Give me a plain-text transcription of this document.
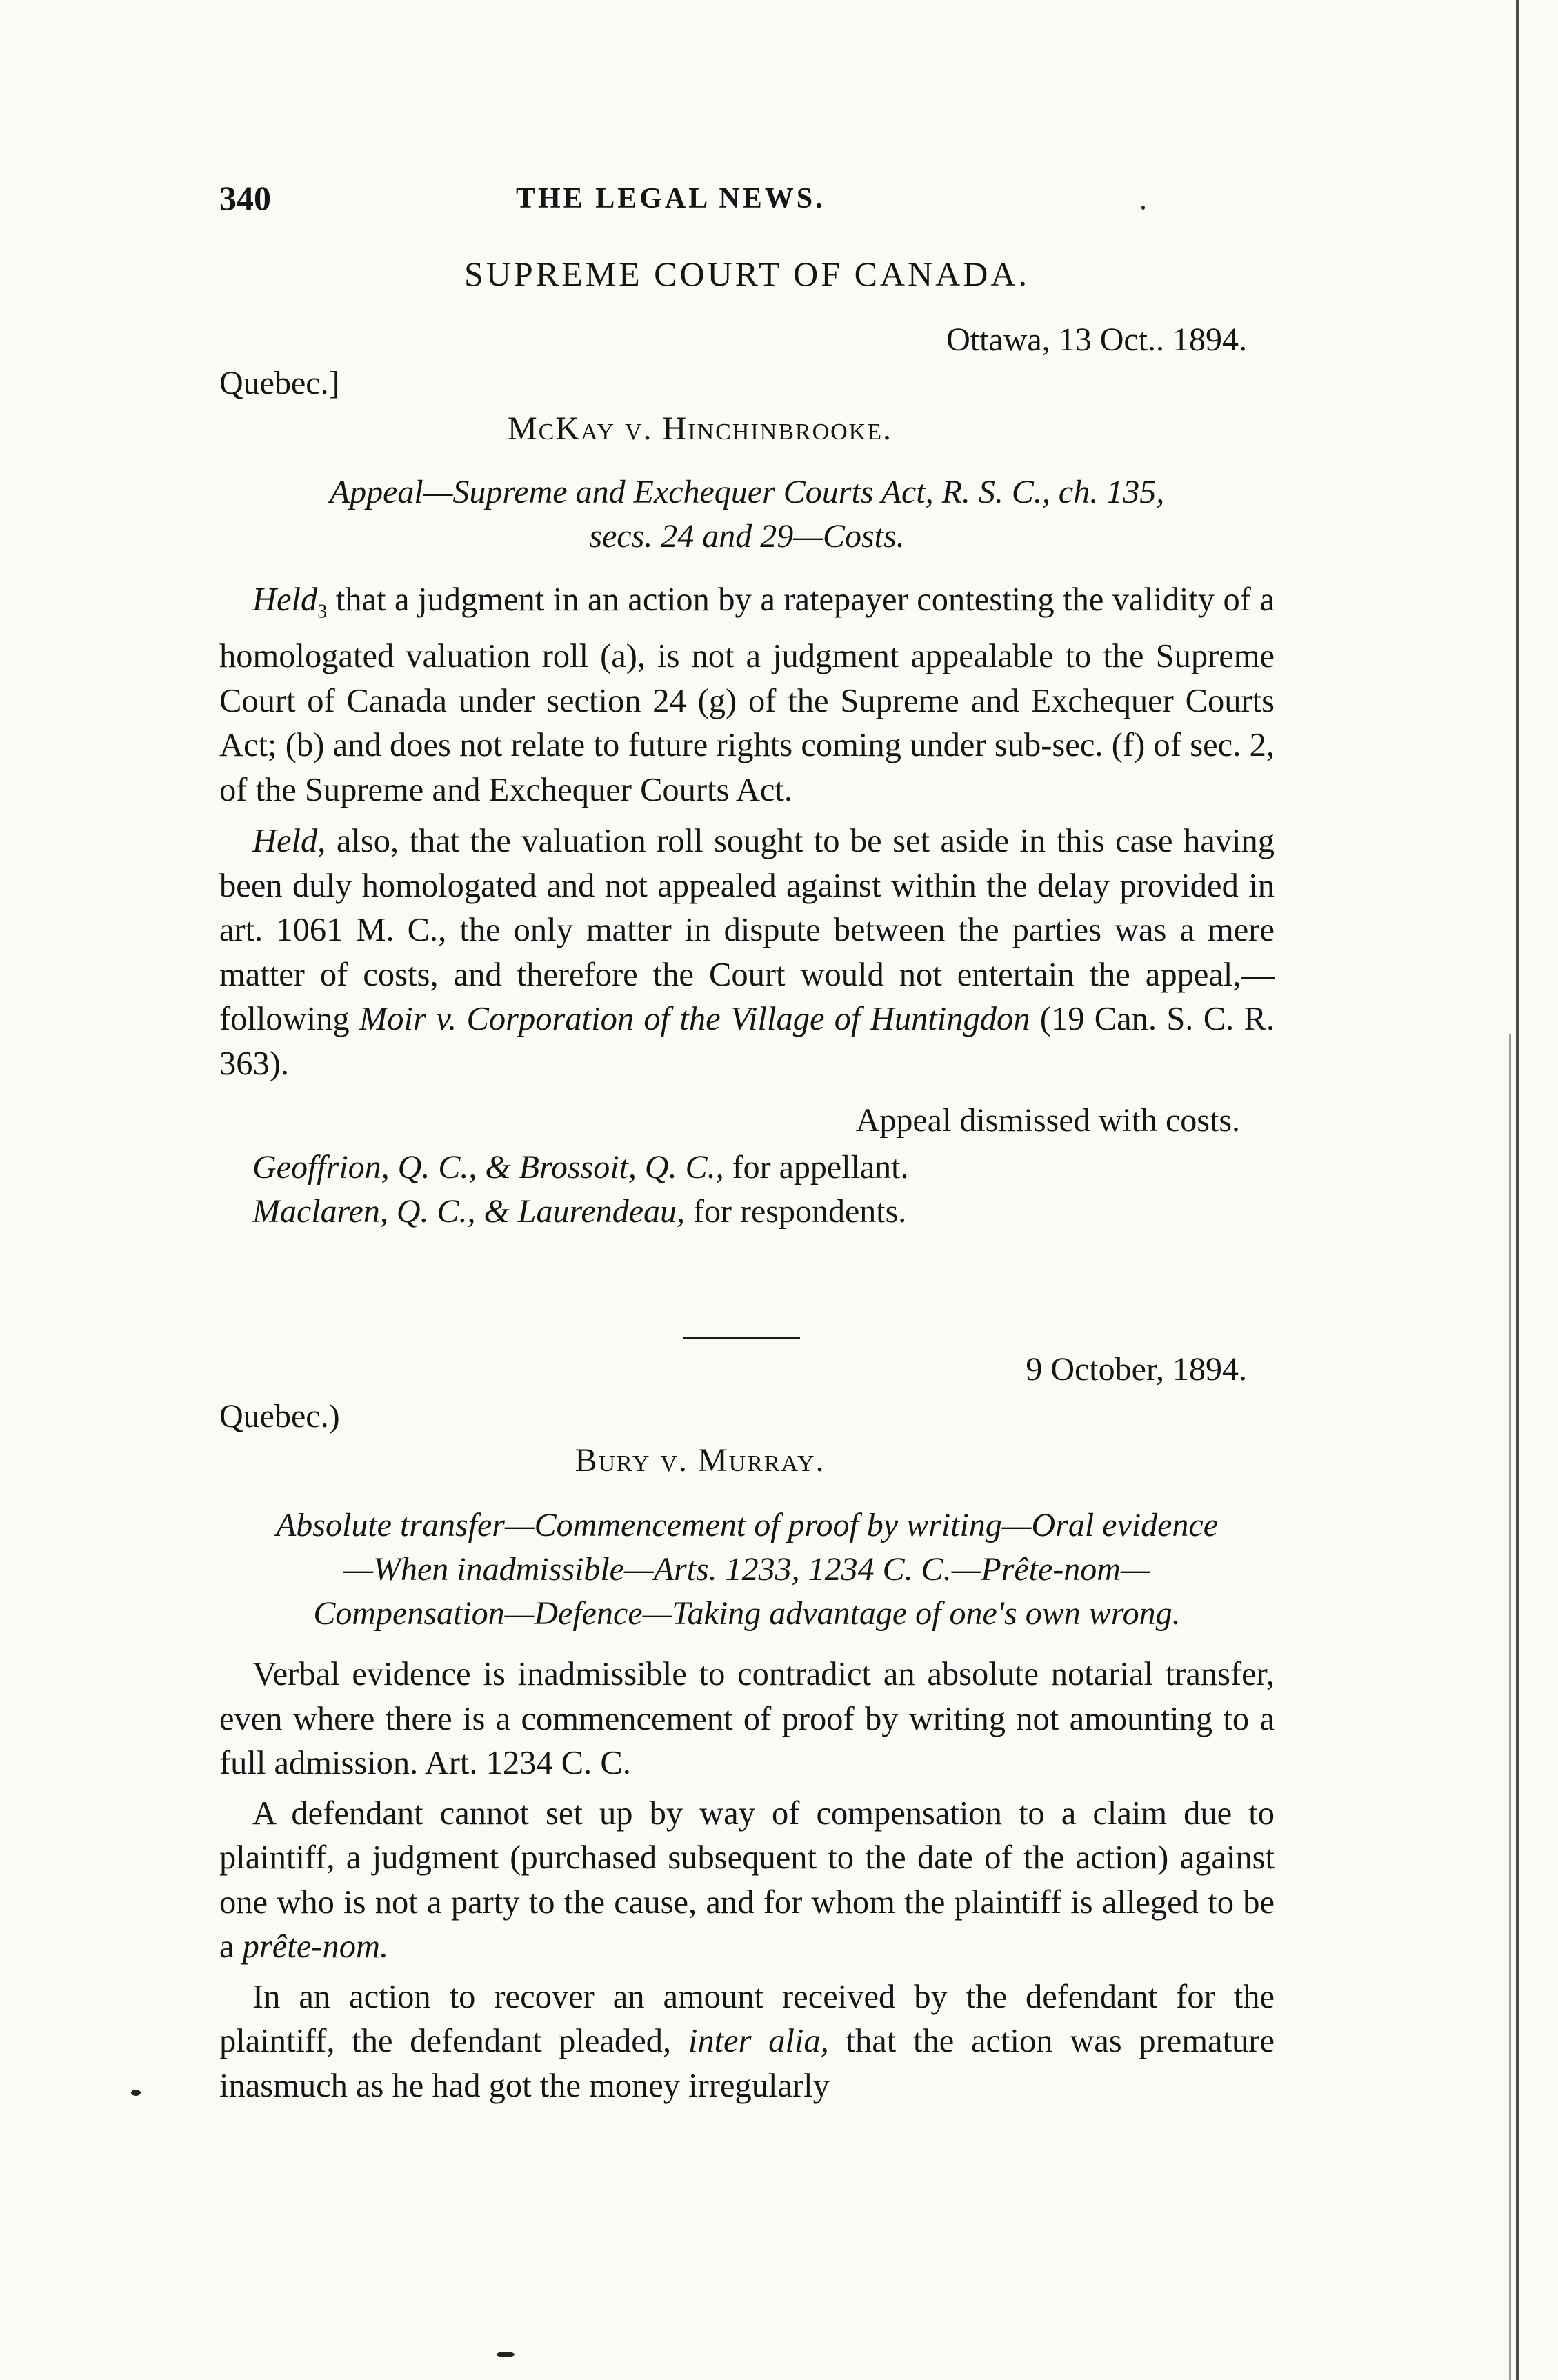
340	THE LEGAL NEWS.
SUPREME COURT OF CANADA.
Ottawa, 13 Oct.. 1894.
Quebec.]
McKay v. Hinchinbrooke.
Appeal—Supreme and Exchequer Courts Act, R. S. C., ch. 135,
secs. 24 and 29—Costs.

Held$_3$ that a judgment in an action by a ratepayer contesting the validity of a homologated valuation roll (a), is not a judgment appealable to the Supreme Court of Canada under section 24 (g) of the Supreme and Exchequer Courts Act; (b) and does not relate to future rights coming under sub-sec. (f) of sec. 2, of the Supreme and Exchequer Courts Act.

Held, also, that the valuation roll sought to be set aside in this case having been duly homologated and not appealed against within the delay provided in art. 1061 M. C., the only matter in dispute between the parties was a mere matter of costs, and therefore the Court would not entertain the appeal,—following Moir v. Corporation of the Village of Huntingdon (19 Can. S. C. R. 363).

Appeal dismissed with costs.
Geoffrion, Q. C., & Brossoit, Q. C., for appellant.
Maclaren, Q. C., & Laurendeau, for respondents.
9 October, 1894.
Quebec.)
Bury v. Murray.
Absolute transfer—Commencement of proof by writing—Oral evidence
—When inadmissible—Arts. 1233, 1234 C. C.—Prête-nom—
Compensation—Defence—Taking advantage of one's own wrong.

Verbal evidence is inadmissible to contradict an absolute notarial transfer, even where there is a commencement of proof by writing not amounting to a full admission. Art. 1234 C. C.

A defendant cannot set up by way of compensation to a claim due to plaintiff, a judgment (purchased subsequent to the date of the action) against one who is not a party to the cause, and for whom the plaintiff is alleged to be a prête-nom.

In an action to recover an amount received by the defendant for the plaintiff, the defendant pleaded, inter alia, that the action was premature inasmuch as he had got the money irregularly
